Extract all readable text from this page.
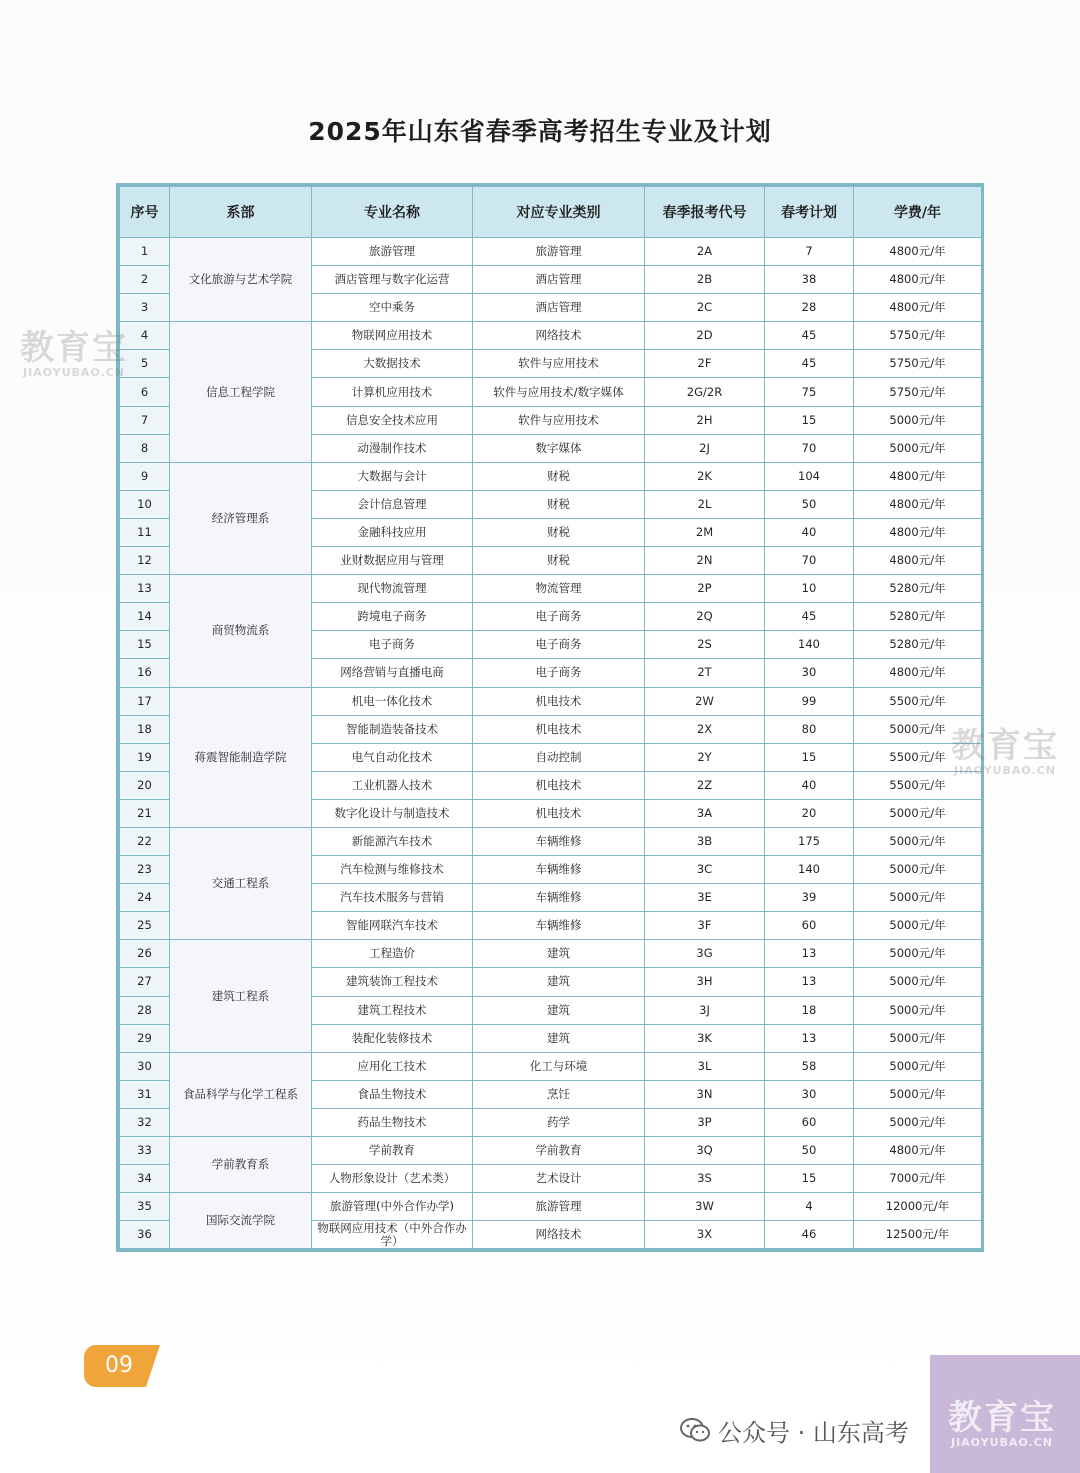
2025年山东省春季高考招生专业及计划
序号	系部	专业名称	对应专业类别	春季报考代号	春考计划	学费/年
1	文化旅游与艺术学院	旅游管理	旅游管理	2A	7	4800元/年
2		酒店管理与数字化运营	酒店管理	2B	38	4800元/年
3		空中乘务	酒店管理	2C	28	4800元/年
4	信息工程学院	物联网应用技术	网络技术	2D	45	5750元/年
5		大数据技术	软件与应用技术	2F	45	5750元/年
6		计算机应用技术	软件与应用技术/数字媒体	2G/2R	75	5750元/年
7		信息安全技术应用	软件与应用技术	2H	15	5000元/年
8		动漫制作技术	数字媒体	2J	70	5000元/年
9	经济管理系	大数据与会计	财税	2K	104	4800元/年
10		会计信息管理	财税	2L	50	4800元/年
11		金融科技应用	财税	2M	40	4800元/年
12		业财数据应用与管理	财税	2N	70	4800元/年
13	商贸物流系	现代物流管理	物流管理	2P	10	5280元/年
14		跨境电子商务	电子商务	2Q	45	5280元/年
15		电子商务	电子商务	2S	140	5280元/年
16		网络营销与直播电商	电子商务	2T	30	4800元/年
17	蒋震智能制造学院	机电一体化技术	机电技术	2W	99	5500元/年
18		智能制造装备技术	机电技术	2X	80	5000元/年
19		电气自动化技术	自动控制	2Y	15	5500元/年
20		工业机器人技术	机电技术	2Z	40	5500元/年
21		数字化设计与制造技术	机电技术	3A	20	5000元/年
22	交通工程系	新能源汽车技术	车辆维修	3B	175	5000元/年
23		汽车检测与维修技术	车辆维修	3C	140	5000元/年
24		汽车技术服务与营销	车辆维修	3E	39	5000元/年
25		智能网联汽车技术	车辆维修	3F	60	5000元/年
26	建筑工程系	工程造价	建筑	3G	13	5000元/年
27		建筑装饰工程技术	建筑	3H	13	5000元/年
28		建筑工程技术	建筑	3J	18	5000元/年
29		装配化装修技术	建筑	3K	13	5000元/年
30	食品科学与化学工程系	应用化工技术	化工与环境	3L	58	5000元/年
31		食品生物技术	烹饪	3N	30	5000元/年
32		药品生物技术	药学	3P	60	5000元/年
33	学前教育系	学前教育	学前教育	3Q	50	4800元/年
34		人物形象设计（艺术类）	艺术设计	3S	15	7000元/年
35	国际交流学院	旅游管理(中外合作办学)	旅游管理	3W	4	12000元/年
36		物联网应用技术（中外合作办学）	网络技术	3X	46	12500元/年
09
教育宝
JIAOYUBAO.CN
教育宝
JIAOYUBAO.CN
教育宝
JIAOYUBAO.CN
公众号 · 山东高考
